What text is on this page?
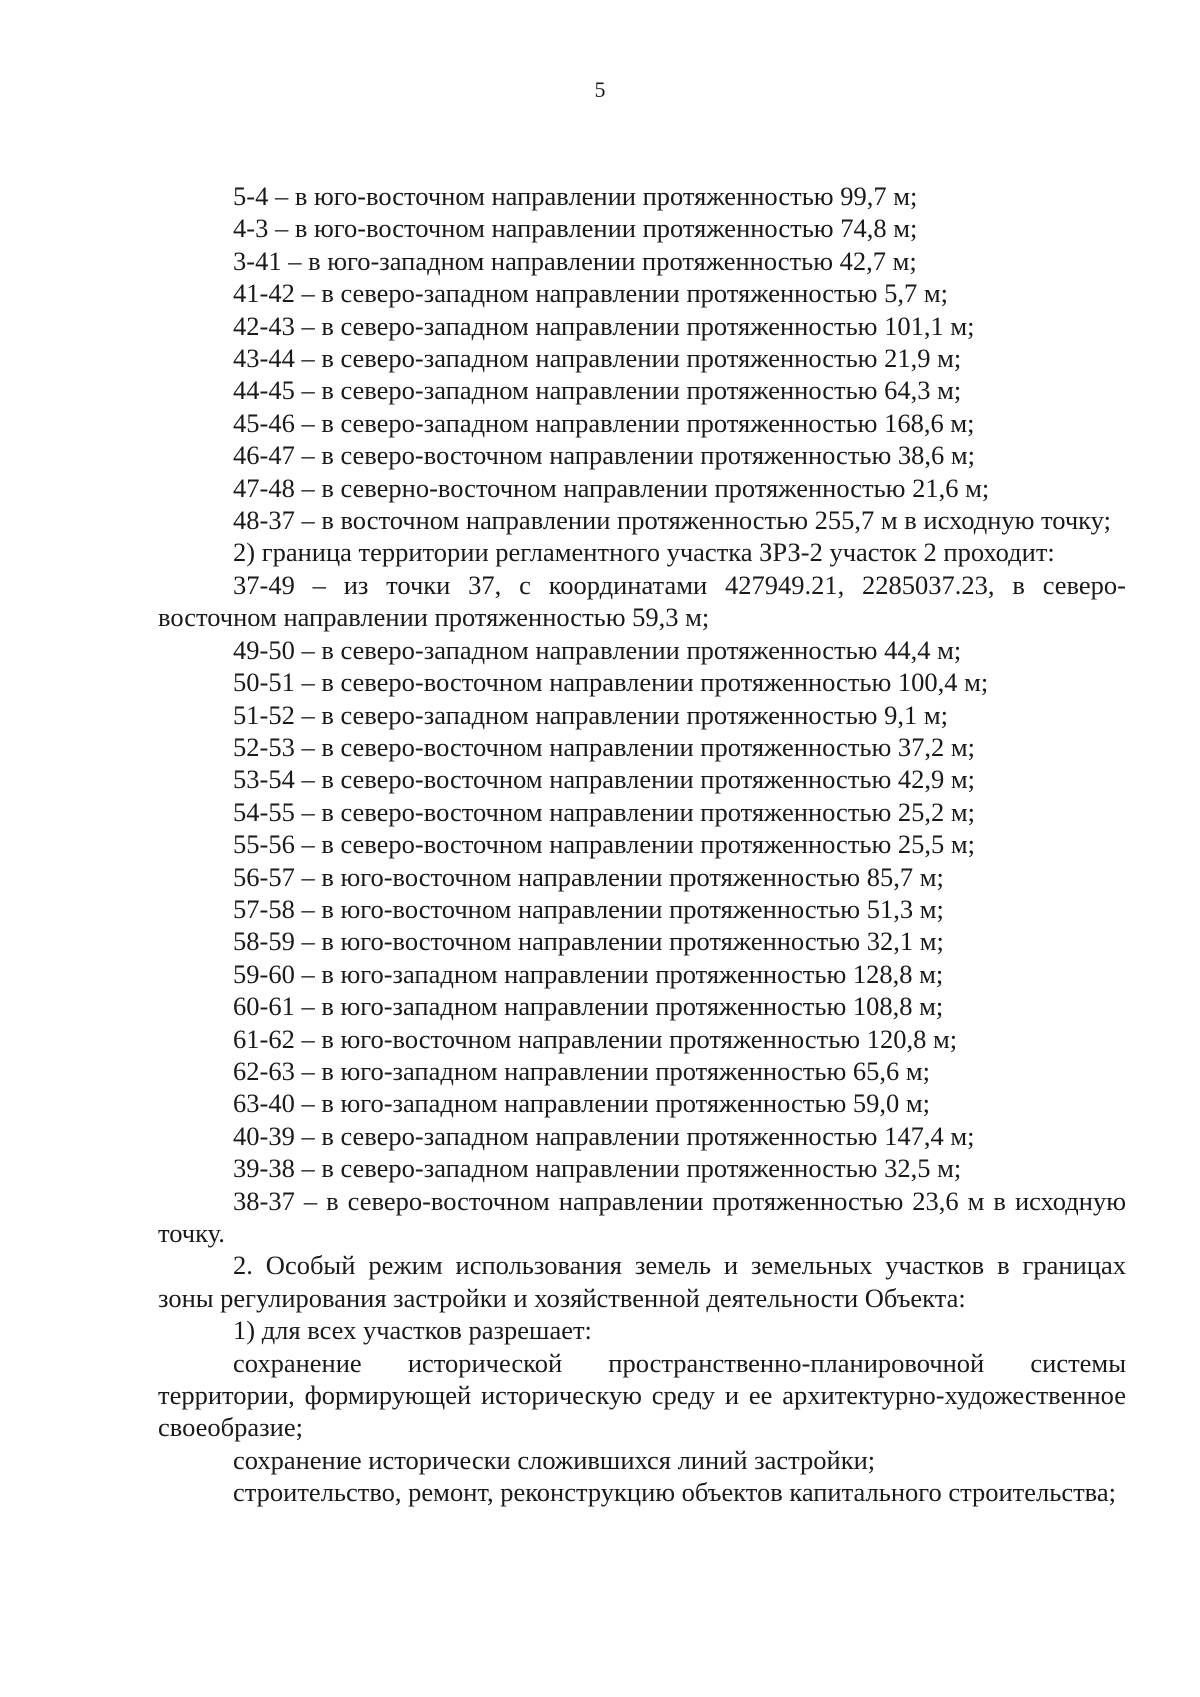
5
5-4 – в юго-восточном направлении протяженностью 99,7 м;
4-3 – в юго-восточном направлении протяженностью 74,8 м;
3-41 – в юго-западном направлении протяженностью 42,7 м;
41-42 – в северо-западном направлении протяженностью 5,7 м;
42-43 – в северо-западном направлении протяженностью 101,1 м;
43-44 – в северо-западном направлении протяженностью 21,9 м;
44-45 – в северо-западном направлении протяженностью 64,3 м;
45-46 – в северо-западном направлении протяженностью 168,6 м;
46-47 – в северо-восточном направлении протяженностью 38,6 м;
47-48 – в северно-восточном направлении протяженностью 21,6 м;

48-37 – в восточном направлении протяженностью 255,7 м в исходную точку;

2) граница территории регламентного участка ЗРЗ-2 участок 2 проходит:

37-49 – из точки 37, с координатами 427949.21, 2285037.23, в северо-восточном направлении протяженностью 59,3 м;

49-50 – в северо-западном направлении протяженностью 44,4 м;
50-51 – в северо-восточном направлении протяженностью 100,4 м;
51-52 – в северо-западном направлении протяженностью 9,1 м;
52-53 – в северо-восточном направлении протяженностью 37,2 м;
53-54 – в северо-восточном направлении протяженностью 42,9 м;
54-55 – в северо-восточном направлении протяженностью 25,2 м;
55-56 – в северо-восточном направлении протяженностью 25,5 м;
56-57 – в юго-восточном направлении протяженностью 85,7 м;
57-58 – в юго-восточном направлении протяженностью 51,3 м;
58-59 – в юго-восточном направлении протяженностью 32,1 м;
59-60 – в юго-западном направлении протяженностью 128,8 м;
60-61 – в юго-западном направлении протяженностью 108,8 м;
61-62 – в юго-восточном направлении протяженностью 120,8 м;
62-63 – в юго-западном направлении протяженностью 65,6 м;
63-40 – в юго-западном направлении протяженностью 59,0 м;
40-39 – в северо-западном направлении протяженностью 147,4 м;
39-38 – в северо-западном направлении протяженностью 32,5 м;

38-37 – в северо-восточном направлении протяженностью 23,6 м в исходную точку.

2. Особый режим использования земель и земельных участков в границах зоны регулирования застройки и хозяйственной деятельности Объекта:

1) для всех участков разрешает:

сохранение исторической пространственно-планировочной системы территории, формирующей историческую среду и ее архитектурно-художественное своеобразие;

сохранение исторически сложившихся линий застройки;

строительство, ремонт, реконструкцию объектов капитального строительства;
